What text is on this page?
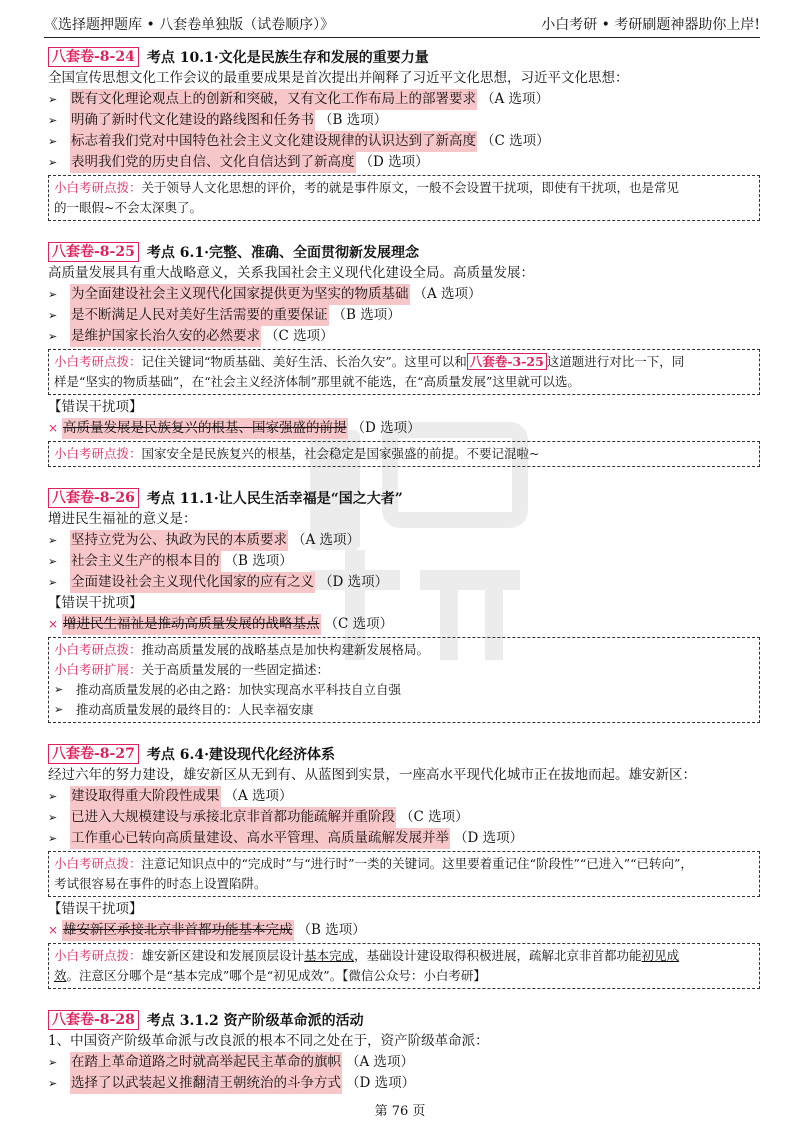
《选择题押题库 • 八套卷单独版（试卷顺序）》	小白考研 • 考研刷题神器助你上岸!
八套卷-8-24 考点 10.1·文化是民族生存和发展的重要力量
全国宣传思想文化工作会议的最重要成果是首次提出并阐释了习近平文化思想，习近平文化思想：
➢	既有文化理论观点上的创新和突破，又有文化工作布局上的部署要求 （A 选项）
➢	明确了新时代文化建设的路线图和任务书 （B 选项）
➢	标志着我们党对中国特色社会主义文化建设规律的认识达到了新高度 （C 选项）
➢	表明我们党的历史自信、文化自信达到了新高度 （D 选项）
小白考研点拨：关于领导人文化思想的评价，考的就是事件原文，一般不会设置干扰项，即使有干扰项，也是常见
的一眼假~不会太深奥了。
八套卷-8-25 考点 6.1·完整、准确、全面贯彻新发展理念
高质量发展具有重大战略意义，关系我国社会主义现代化建设全局。高质量发展：
➢	为全面建设社会主义现代化国家提供更为坚实的物质基础 （A 选项）
➢	是不断满足人民对美好生活需要的重要保证 （B 选项）
➢	是维护国家长治久安的必然要求 （C 选项）
小白考研点拨：记住关键词“物质基础、美好生活、长治久安”。这里可以和 八套卷-3-25 这道题进行对比一下，同
样是“坚实的物质基础”，在“社会主义经济体制”那里就不能选，在“高质量发展”这里就可以选。
【错误干扰项】
× 高质量发展是民族复兴的根基、国家强盛的前提 （D 选项）
小白考研点拨：国家安全是民族复兴的根基，社会稳定是国家强盛的前提。不要记混啦~
八套卷-8-26 考点 11.1·让人民生活幸福是“国之大者”
增进民生福祉的意义是：
➢	坚持立党为公、执政为民的本质要求 （A 选项）
➢	社会主义生产的根本目的 （B 选项）
➢	全面建设社会主义现代化国家的应有之义 （D 选项）
【错误干扰项】
× 增进民生福祉是推动高质量发展的战略基点 （C 选项）
小白考研点拨：推动高质量发展的战略基点是加快构建新发展格局。
小白考研扩展：关于高质量发展的一些固定描述：
➢	推动高质量发展的必由之路：加快实现高水平科技自立自强
➢	推动高质量发展的最终目的：人民幸福安康
八套卷-8-27 考点 6.4·建设现代化经济体系
经过六年的努力建设，雄安新区从无到有、从蓝图到实景，一座高水平现代化城市正在拔地而起。雄安新区：
➢	建设取得重大阶段性成果 （A 选项）
➢	已进入大规模建设与承接北京非首都功能疏解并重阶段 （C 选项）
➢	工作重心已转向高质量建设、高水平管理、高质量疏解发展并举 （D 选项）
小白考研点拨：注意记知识点中的“完成时”与“进行时”一类的关键词。这里要着重记住“阶段性”“已进入”“已转向”，
考试很容易在事件的时态上设置陷阱。
【错误干扰项】
× 雄安新区承接北京非首都功能基本完成 （B 选项）
小白考研点拨：雄安新区建设和发展顶层设计基本完成，基础设计建设取得积极进展，疏解北京非首都功能初见成
效。注意区分哪个是“基本完成”哪个是“初见成效”。【微信公众号：小白考研】
八套卷-8-28 考点 3.1.2 资产阶级革命派的活动
1、中国资产阶级革命派与改良派的根本不同之处在于，资产阶级革命派：
➢	在踏上革命道路之时就高举起民主革命的旗帜 （A 选项）
➢	选择了以武装起义推翻清王朝统治的斗争方式 （D 选项）
第 76 页
